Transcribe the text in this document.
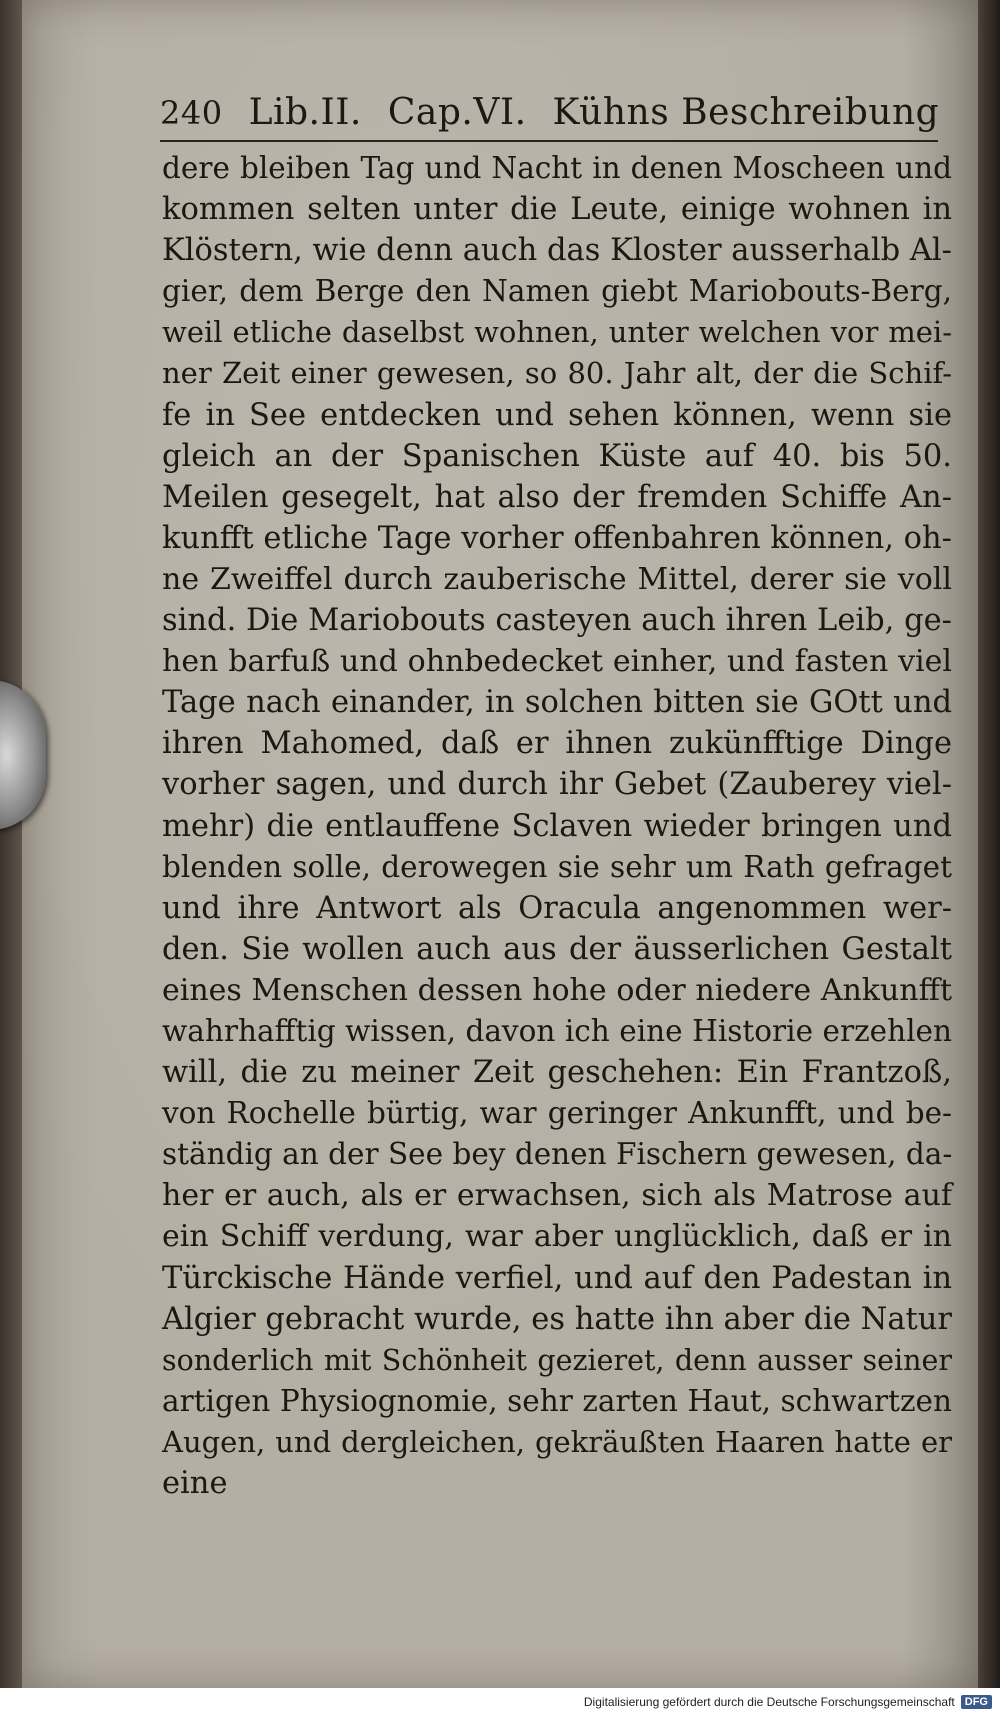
240 Lib.II. Cap.VI. Kühns Beschreibung
dere bleiben Tag und Nacht in denen Moscheen und
kommen selten unter die Leute, einige wohnen in
Klöstern, wie denn auch das Kloster ausserhalb Al-
gier, dem Berge den Namen giebt Mariobouts-Berg,
weil etliche daselbst wohnen, unter welchen vor mei-
ner Zeit einer gewesen, so 80. Jahr alt, der die Schif-
fe in See entdecken und sehen können, wenn sie
gleich an der Spanischen Küste auf 40. bis 50.
Meilen gesegelt, hat also der fremden Schiffe An-
kunfft etliche Tage vorher offenbahren können, oh-
ne Zweiffel durch zauberische Mittel, derer sie voll
sind. Die Mariobouts casteyen auch ihren Leib, ge-
hen barfuß und ohnbedecket einher, und fasten viel
Tage nach einander, in solchen bitten sie GOtt und
ihren Mahomed, daß er ihnen zukünfftige Dinge
vorher sagen, und durch ihr Gebet (Zauberey viel-
mehr) die entlauffene Sclaven wieder bringen und
blenden solle, derowegen sie sehr um Rath gefraget
und ihre Antwort als Oracula angenommen wer-
den. Sie wollen auch aus der äusserlichen Gestalt
eines Menschen dessen hohe oder niedere Ankunfft
wahrhafftig wissen, davon ich eine Historie erzehlen
will, die zu meiner Zeit geschehen: Ein Frantzoß,
von Rochelle bürtig, war geringer Ankunfft, und be-
ständig an der See bey denen Fischern gewesen, da-
her er auch, als er erwachsen, sich als Matrose auf
ein Schiff verdung, war aber unglücklich, daß er in
Türckische Hände verfiel, und auf den Padestan in
Algier gebracht wurde, es hatte ihn aber die Natur
sonderlich mit Schönheit gezieret, denn ausser seiner
artigen Physiognomie, sehr zarten Haut, schwartzen
Augen, und dergleichen, gekräußten Haaren hatte er
eine
Digitalisierung gefördert durch die Deutsche Forschungsgemeinschaft DFG
